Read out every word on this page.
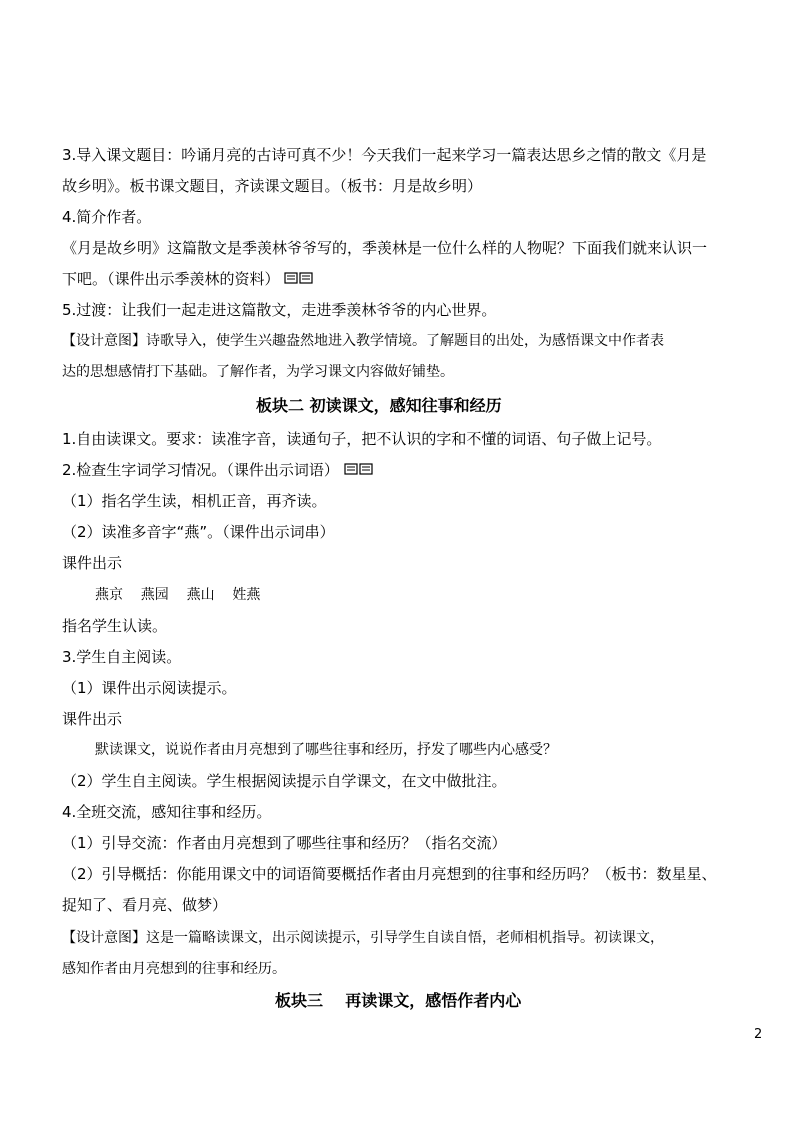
3.导入课文题目：吟诵月亮的古诗可真不少！今天我们一起来学习一篇表达思乡之情的散文《月是
故乡明》。板书课文题目，齐读课文题目。（板书：月是故乡明）
4.简介作者。
《月是故乡明》这篇散文是季羡林爷爷写的，季羡林是一位什么样的人物呢？下面我们就来认识一
下吧。（课件出示季羡林的资料）
5.过渡：让我们一起走进这篇散文，走进季羡林爷爷的内心世界。
【设计意图】诗歌导入，使学生兴趣盎然地进入教学情境。了解题目的出处，为感悟课文中作者表
达的思想感情打下基础。了解作者，为学习课文内容做好铺垫。
板块二 初读课文，感知往事和经历
1.自由读课文。要求：读准字音，读通句子，把不认识的字和不懂的词语、句子做上记号。
2.检查生字词学习情况。（课件出示词语）
（1）指名学生读，相机正音，再齐读。
（2）读准多音字“燕”。（课件出示词串）
课件出示
燕京    燕园    燕山    姓燕
指名学生认读。
3.学生自主阅读。
（1）课件出示阅读提示。
课件出示
默读课文，说说作者由月亮想到了哪些往事和经历，抒发了哪些内心感受？
（2）学生自主阅读。学生根据阅读提示自学课文，在文中做批注。
4.全班交流，感知往事和经历。
（1）引导交流：作者由月亮想到了哪些往事和经历？（指名交流）
（2）引导概括：你能用课文中的词语简要概括作者由月亮想到的往事和经历吗？（板书：数星星、
捉知了、看月亮、做梦）
【设计意图】这是一篇略读课文，出示阅读提示，引导学生自读自悟，老师相机指导。初读课文，
感知作者由月亮想到的往事和经历。
板块三    再读课文，感悟作者内心
2
